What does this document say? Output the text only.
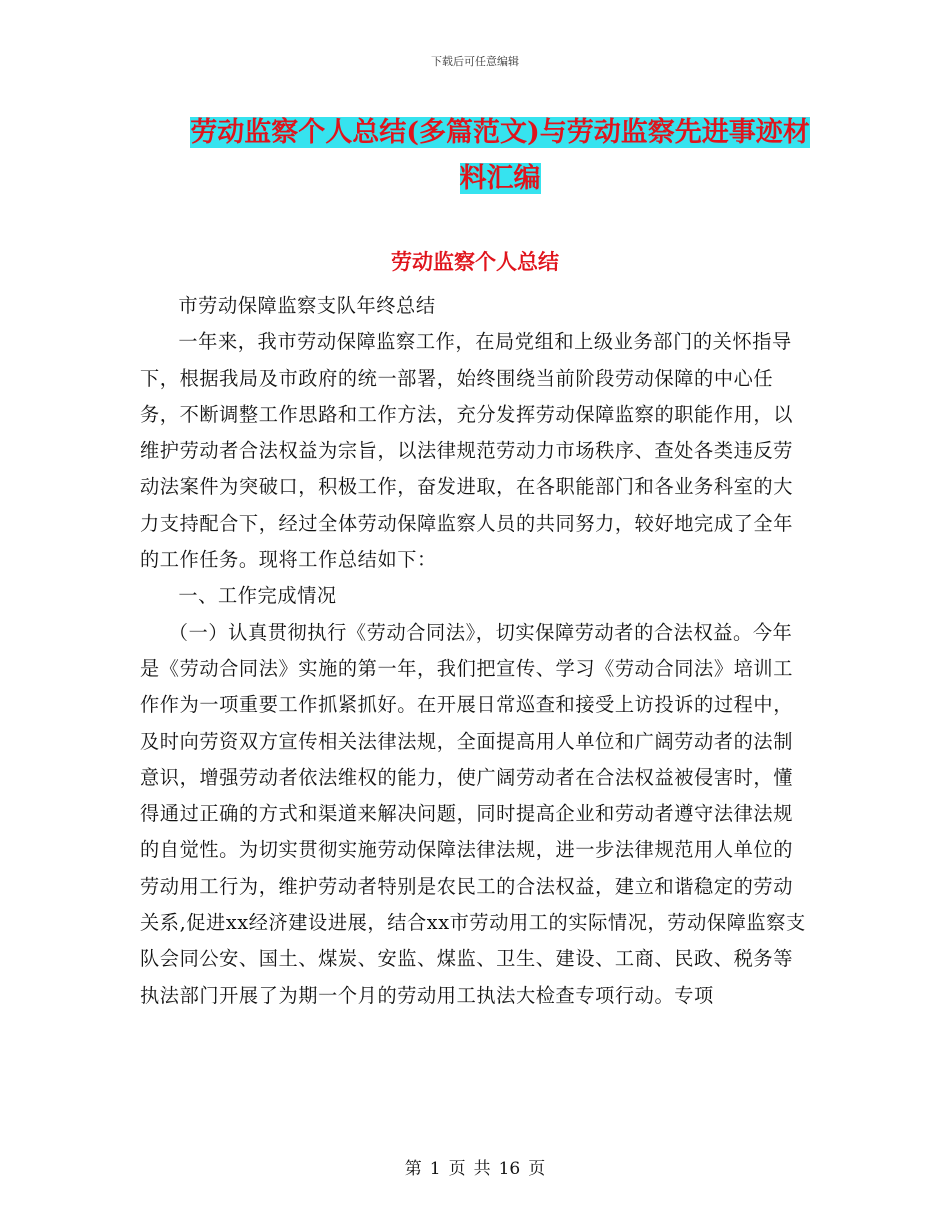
下载后可任意编辑
劳动监察个人总结(多篇范文)与劳动监察先进事迹材
料汇编
劳动监察个人总结

市劳动保障监察支队年终总结

一年来，我市劳动保障监察工作，在局党组和上级业务部门的关怀指导下，根据我局及市政府的统一部署，始终围绕当前阶段劳动保障的中心任务，不断调整工作思路和工作方法，充分发挥劳动保障监察的职能作用，以维护劳动者合法权益为宗旨，以法律规范劳动力市场秩序、查处各类违反劳动法案件为突破口，积极工作，奋发进取，在各职能部门和各业务科室的大力支持配合下，经过全体劳动保障监察人员的共同努力，较好地完成了全年的工作任务。现将工作总结如下：

一、工作完成情况

（一）认真贯彻执行《劳动合同法》，切实保障劳动者的合法权益。今年是《劳动合同法》实施的第一年，我们把宣传、学习《劳动合同法》培训工作作为一项重要工作抓紧抓好。在开展日常巡查和接受上访投诉的过程中，及时向劳资双方宣传相关法律法规，全面提高用人单位和广阔劳动者的法制意识，增强劳动者依法维权的能力，使广阔劳动者在合法权益被侵害时，懂得通过正确的方式和渠道来解决问题，同时提高企业和劳动者遵守法律法规的自觉性。为切实贯彻实施劳动保障法律法规，进一步法律规范用人单位的劳动用工行为，维护劳动者特别是农民工的合法权益，建立和谐稳定的劳动关系,促进xx经济建设进展，结合xx市劳动用工的实际情况，劳动保障监察支队会同公安、国土、煤炭、安监、煤监、卫生、建设、工商、民政、税务等执法部门开展了为期一个月的劳动用工执法大检查专项行动。专项

第 1 页 共 16 页
